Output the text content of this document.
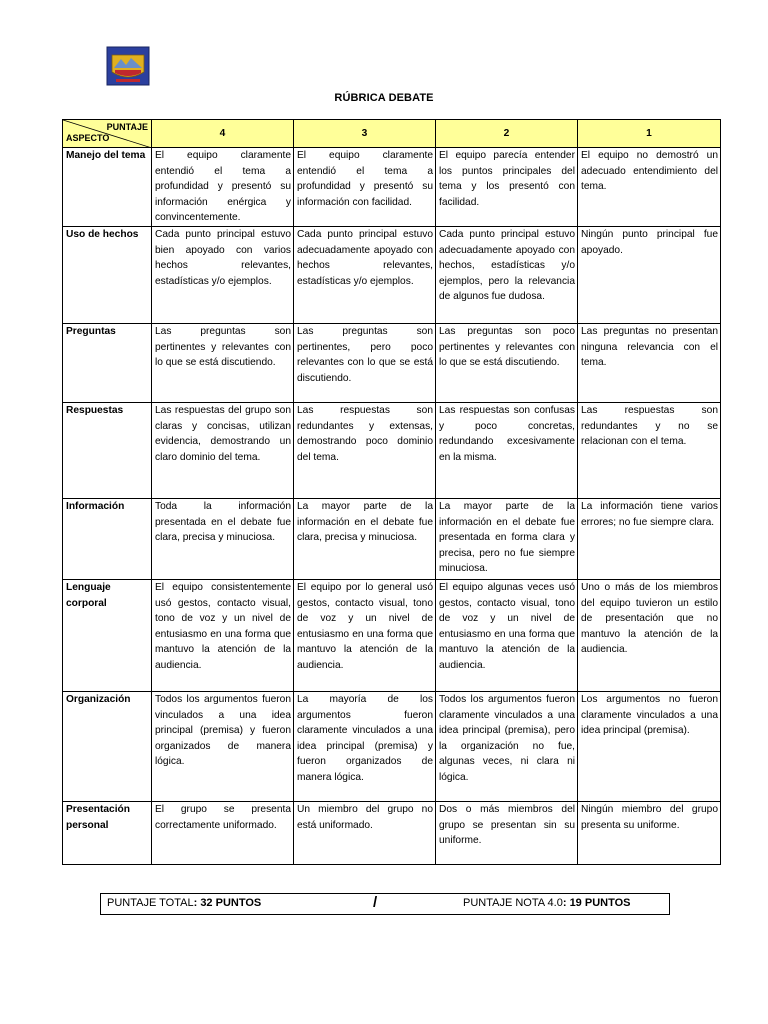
RÚBRICA DEBATE
PUNTAJE
ASPECTO	4	3	2	1
Manejo del tema	El equipo claramente entendió el tema a profundidad y presentó su información enérgica y convincentemente.	El equipo claramente entendió el tema a profundidad y presentó su información con facilidad.	El equipo parecía entender los puntos principales del tema y los presentó con facilidad.	El equipo no demostró un adecuado entendimiento del tema.
Uso de hechos	Cada punto principal estuvo bien apoyado con varios hechos relevantes, estadísticas y/o ejemplos.	Cada punto principal estuvo adecuadamente apoyado con hechos relevantes, estadísticas y/o ejemplos.	Cada punto principal estuvo adecuadamente apoyado con hechos, estadísticas y/o ejemplos, pero la relevancia de algunos fue dudosa.	Ningún punto principal fue apoyado.
Preguntas	Las preguntas son pertinentes y relevantes con lo que se está discutiendo.	Las preguntas son pertinentes, pero poco relevantes con lo que se está discutiendo.	Las preguntas son poco pertinentes y relevantes con lo que se está discutiendo.	Las preguntas no presentan ninguna relevancia con el tema.
Respuestas	Las respuestas del grupo son claras y concisas, utilizan evidencia, demostrando un claro dominio del tema.	Las respuestas son redundantes y extensas, demostrando poco dominio del tema.	Las respuestas son confusas y poco concretas, redundando excesivamente en la misma.	Las respuestas son redundantes y no se relacionan con el tema.
Información	Toda la información presentada en el debate fue clara, precisa y minuciosa.	La mayor parte de la información en el debate fue clara, precisa y minuciosa.	La mayor parte de la información en el debate fue presentada en forma clara y precisa, pero no fue siempre minuciosa.	La información tiene varios errores; no fue siempre clara.
Lenguaje corporal	El equipo consistentemente usó gestos, contacto visual, tono de voz y un nivel de entusiasmo en una forma que mantuvo la atención de la audiencia.	El equipo por lo general usó gestos, contacto visual, tono de voz y un nivel de entusiasmo en una forma que mantuvo la atención de la audiencia.	El equipo algunas veces usó gestos, contacto visual, tono de voz y un nivel de entusiasmo en una forma que mantuvo la atención de la audiencia.	Uno o más de los miembros del equipo tuvieron un estilo de presentación que no mantuvo la atención de la audiencia.
Organización	Todos los argumentos fueron vinculados a una idea principal (premisa) y fueron organizados de manera lógica.	La mayoría de los argumentos fueron claramente vinculados a una idea principal (premisa) y fueron organizados de manera lógica.	Todos los argumentos fueron claramente vinculados a una idea principal (premisa), pero la organización no fue, algunas veces, ni clara ni lógica.	Los argumentos no fueron claramente vinculados a una idea principal (premisa).
Presentación personal	El grupo se presenta correctamente uniformado.	Un miembro del grupo no está uniformado.	Dos o más miembros del grupo se presentan sin su uniforme.	Ningún miembro del grupo presenta su uniforme.
PUNTAJE TOTAL: 32 PUNTOS	/	PUNTAJE NOTA 4.0: 19 PUNTOS
